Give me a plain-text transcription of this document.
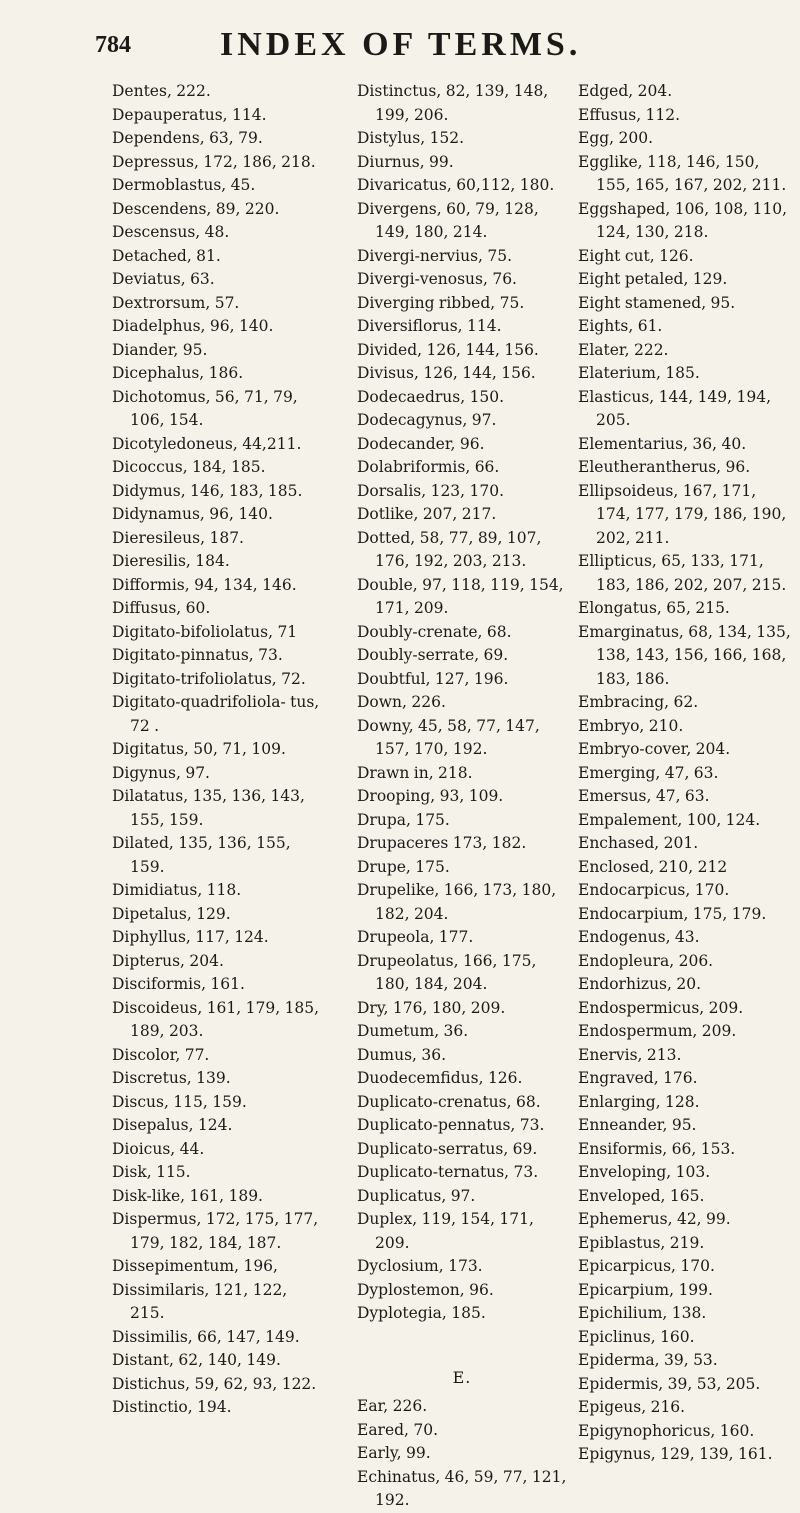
784	INDEX OF TERMS.
Dentes, 222.
Depauperatus, 114.
Dependens, 63, 79.
Depressus, 172, 186, 218.
Dermoblastus, 45.
Descendens, 89, 220.
Descensus, 48.
Detached, 81.
Deviatus, 63.
Dextrorsum, 57.
Diadelphus, 96, 140.
Diander, 95.
Dicephalus, 186.
Dichotomus, 56, 71, 79, 106, 154.
Dicotyledoneus, 44,211.
Dicoccus, 184, 185.
Didymus, 146, 183, 185.
Didynamus, 96, 140.
Dieresileus, 187.
Dieresilis, 184.
Difformis, 94, 134, 146.
Diffusus, 60.
Digitato-bifoliolatus, 71
Digitato-pinnatus, 73.
Digitato-trifoliolatus, 72.
Digitato-quadrifoliola- tus, 72 .
Digitatus, 50, 71, 109.
Digynus, 97.
Dilatatus, 135, 136, 143, 155, 159.
Dilated, 135, 136, 155, 159.
Dimidiatus, 118.
Dipetalus, 129.
Diphyllus, 117, 124.
Dipterus, 204.
Disciformis, 161.
Discoideus, 161, 179, 185, 189, 203.
Discolor, 77.
Discretus, 139.
Discus, 115, 159.
Disepalus, 124.
Dioicus, 44.
Disk, 115.
Disk-like, 161, 189.
Dispermus, 172, 175, 177, 179, 182, 184, 187.
Dissepimentum, 196,
Dissimilaris, 121, 122, 215.
Dissimilis, 66, 147, 149.
Distant, 62, 140, 149.
Distichus, 59, 62, 93, 122.
Distinctio, 194.
Distinctus, 82, 139, 148, 199, 206.
Distylus, 152.
Diurnus, 99.
Divaricatus, 60,112, 180.
Divergens, 60, 79, 128, 149, 180, 214.
Divergi-nervius, 75.
Divergi-venosus, 76.
Diverging ribbed, 75.
Diversiflorus, 114.
Divided, 126, 144, 156.
Divisus, 126, 144, 156.
Dodecaedrus, 150.
Dodecagynus, 97.
Dodecander, 96.
Dolabriformis, 66.
Dorsalis, 123, 170.
Dotlike, 207, 217.
Dotted, 58, 77, 89, 107, 176, 192, 203, 213.
Double, 97, 118, 119, 154, 171, 209.
Doubly-crenate, 68.
Doubly-serrate, 69.
Doubtful, 127, 196.
Down, 226.
Downy, 45, 58, 77, 147, 157, 170, 192.
Drawn in, 218.
Drooping, 93, 109.
Drupa, 175.
Drupaceres 173, 182.
Drupe, 175.
Drupelike, 166, 173, 180, 182, 204.
Drupeola, 177.
Drupeolatus, 166, 175, 180, 184, 204.
Dry, 176, 180, 209.
Dumetum, 36.
Dumus, 36.
Duodecemfidus, 126.
Duplicato-crenatus, 68.
Duplicato-pennatus, 73.
Duplicato-serratus, 69.
Duplicato-ternatus, 73.
Duplicatus, 97.
Duplex, 119, 154, 171, 209.
Dyclosium, 173.
Dyplostemon, 96.
Dyplotegia, 185.
E.
Ear, 226.
Eared, 70.
Early, 99.
Echinatus, 46, 59, 77, 121, 192.
Edged, 204.
Effusus, 112.
Egg, 200.
Egglike, 118, 146, 150, 155, 165, 167, 202, 211.
Eggshaped, 106, 108, 110, 124, 130, 218.
Eight cut, 126.
Eight petaled, 129.
Eight stamened, 95.
Eights, 61.
Elater, 222.
Elaterium, 185.
Elasticus, 144, 149, 194, 205.
Elementarius, 36, 40.
Eleutherantherus, 96.
Ellipsoideus, 167, 171, 174, 177, 179, 186, 190, 202, 211.
Ellipticus, 65, 133, 171, 183, 186, 202, 207, 215.
Elongatus, 65, 215.
Emarginatus, 68, 134, 135, 138, 143, 156, 166, 168, 183, 186.
Embracing, 62.
Embryo, 210.
Embryo-cover, 204.
Emerging, 47, 63.
Emersus, 47, 63.
Empalement, 100, 124.
Enchased, 201.
Enclosed, 210, 212
Endocarpicus, 170.
Endocarpium, 175, 179.
Endogenus, 43.
Endopleura, 206.
Endorhizus, 20.
Endospermicus, 209.
Endospermum, 209.
Enervis, 213.
Engraved, 176.
Enlarging, 128.
Enneander, 95.
Ensiformis, 66, 153.
Enveloping, 103.
Enveloped, 165.
Ephemerus, 42, 99.
Epiblastus, 219.
Epicarpicus, 170.
Epicarpium, 199.
Epichilium, 138.
Epiclinus, 160.
Epiderma, 39, 53.
Epidermis, 39, 53, 205.
Epigeus, 216.
Epigynophoricus, 160.
Epigynus, 129, 139, 161.
